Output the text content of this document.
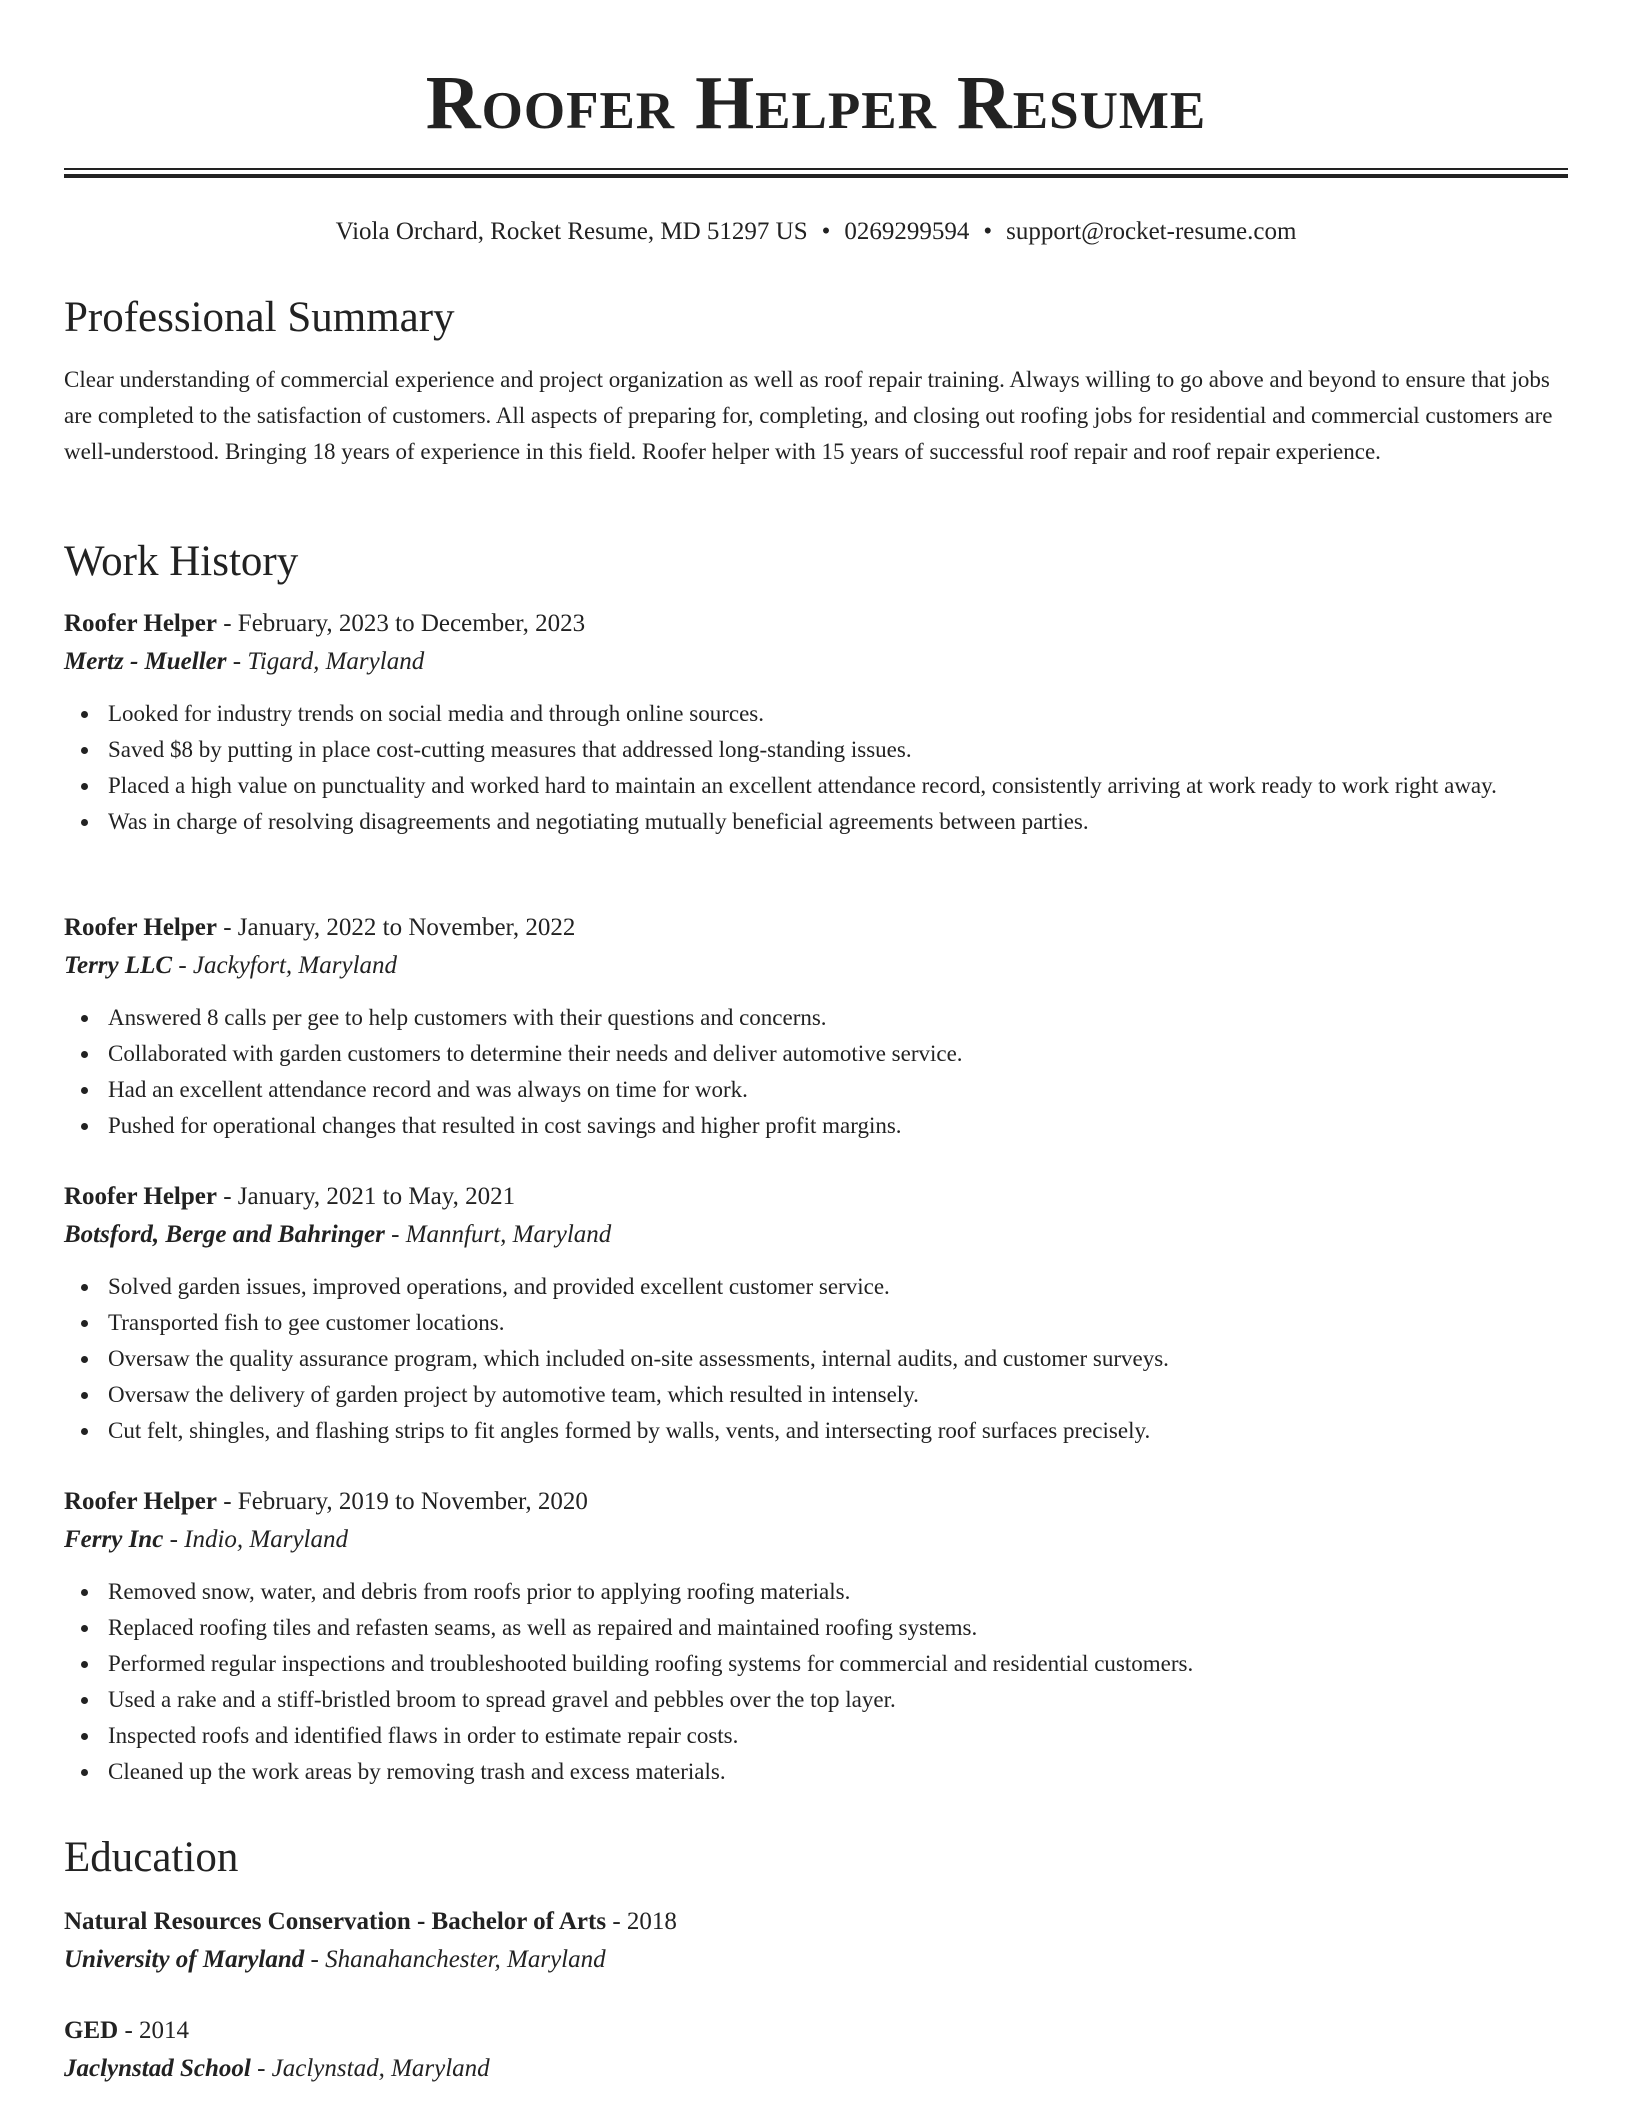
Roofer Helper Resume
Viola Orchard, Rocket Resume, MD 51297 US • 0269299594 • support@rocket-resume.com
Professional Summary

Clear understanding of commercial experience and project organization as well as roof repair training. Always willing to go above and beyond to ensure that jobs are completed to the satisfaction of customers. All aspects of preparing for, completing, and closing out roofing jobs for residential and commercial customers are well-understood. Bringing 18 years of experience in this field. Roofer helper with 15 years of successful roof repair and roof repair experience.

Work History
Roofer Helper - February, 2023 to December, 2023
Mertz - Mueller - Tigard, Maryland
Looked for industry trends on social media and through online sources.
Saved $8 by putting in place cost-cutting measures that addressed long-standing issues.
Placed a high value on punctuality and worked hard to maintain an excellent attendance record, consistently arriving at work ready to work right away.
Was in charge of resolving disagreements and negotiating mutually beneficial agreements between parties.
Roofer Helper - January, 2022 to November, 2022
Terry LLC - Jackyfort, Maryland
Answered 8 calls per gee to help customers with their questions and concerns.
Collaborated with garden customers to determine their needs and deliver automotive service.
Had an excellent attendance record and was always on time for work.
Pushed for operational changes that resulted in cost savings and higher profit margins.
Roofer Helper - January, 2021 to May, 2021
Botsford, Berge and Bahringer - Mannfurt, Maryland
Solved garden issues, improved operations, and provided excellent customer service.
Transported fish to gee customer locations.
Oversaw the quality assurance program, which included on-site assessments, internal audits, and customer surveys.
Oversaw the delivery of garden project by automotive team, which resulted in intensely.
Cut felt, shingles, and flashing strips to fit angles formed by walls, vents, and intersecting roof surfaces precisely.
Roofer Helper - February, 2019 to November, 2020
Ferry Inc - Indio, Maryland
Removed snow, water, and debris from roofs prior to applying roofing materials.
Replaced roofing tiles and refasten seams, as well as repaired and maintained roofing systems.
Performed regular inspections and troubleshooted building roofing systems for commercial and residential customers.
Used a rake and a stiff-bristled broom to spread gravel and pebbles over the top layer.
Inspected roofs and identified flaws in order to estimate repair costs.
Cleaned up the work areas by removing trash and excess materials.
Education
Natural Resources Conservation - Bachelor of Arts - 2018
University of Maryland - Shanahanchester, Maryland
GED - 2014
Jaclynstad School - Jaclynstad, Maryland
